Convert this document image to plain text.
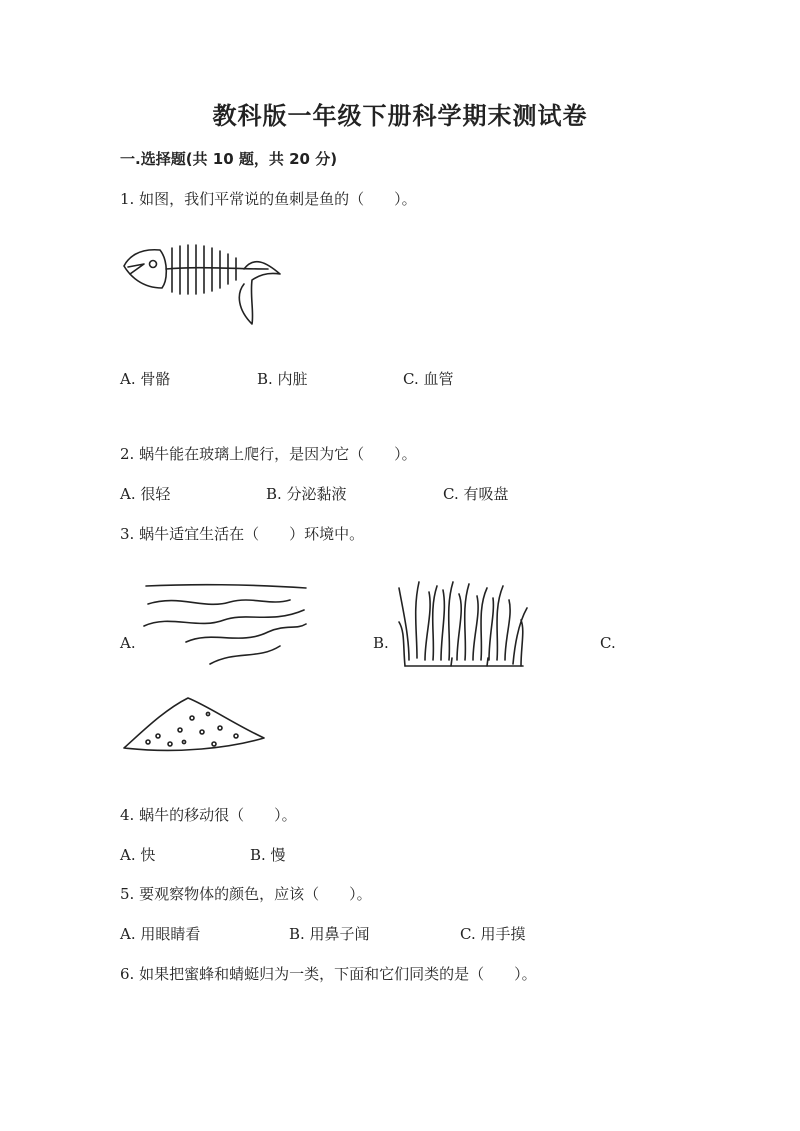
教科版一年级下册科学期末测试卷
一.选择题(共 10 题，共 20 分)
1. 如图，我们平常说的鱼刺是鱼的（　　）。
A. 骨骼	B. 内脏	C. 血管
2. 蜗牛能在玻璃上爬行，是因为它（　　）。
A. 很轻	B. 分泌黏液	C. 有吸盘
3. 蜗牛适宜生活在（　　）环境中。
A.	B.	C.
4. 蜗牛的移动很（　　）。
A. 快	B. 慢
5. 要观察物体的颜色，应该（　　）。
A. 用眼睛看	B. 用鼻子闻	C. 用手摸
6. 如果把蜜蜂和蜻蜓归为一类，下面和它们同类的是（　　）。
